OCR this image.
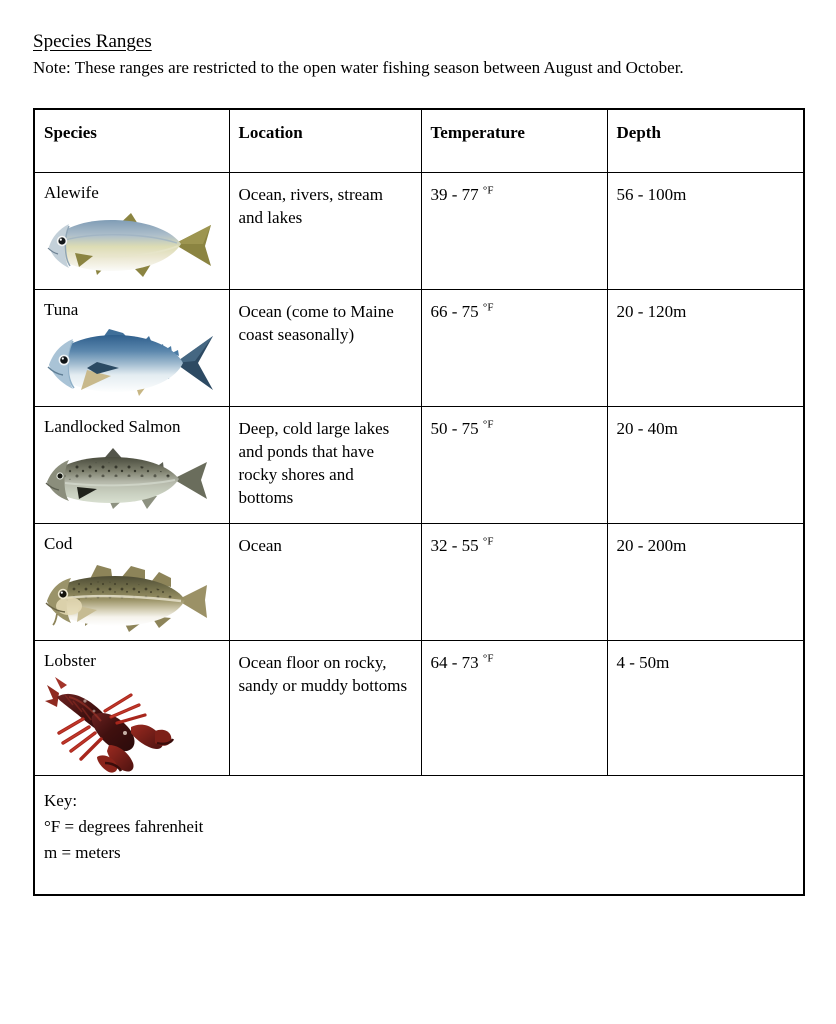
Species Ranges
Note: These ranges are restricted to the open water fishing season between August and October.
Species	Location	Temperature	Depth

Alewife	Ocean, rivers, stream and lakes	39 - 77 $^{^\circ F}$	56 - 100m

Tuna	Ocean (come to Maine coast seasonally)	66 - 75 $^{^\circ F}$	20 - 120m

Landlocked Salmon	Deep, cold large lakes and ponds that have rocky shores and bottoms	50 - 75 $^{^\circ F}$	20 - 40m

Cod	Ocean	32 - 55 $^{^\circ F}$	20 - 200m

Lobster	Ocean floor on rocky, sandy or muddy bottoms	64 - 73 $^{^\circ F}$	4 - 50m

Key:
°F = degrees fahrenheit
m = meters			
